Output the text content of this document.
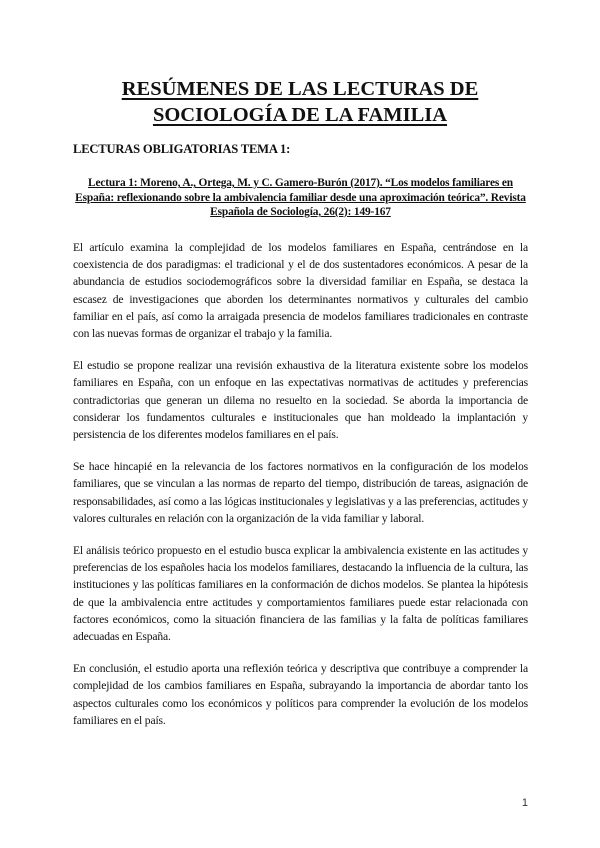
RESÚMENES DE LAS LECTURAS DE SOCIOLOGÍA DE LA FAMILIA
LECTURAS OBLIGATORIAS TEMA 1:

Lectura 1: Moreno, A., Ortega, M. y C. Gamero-Burón (2017). “Los modelos familiares en España: reflexionando sobre la ambivalencia familiar desde una aproximación teórica”. Revista Española de Sociología, 26(2): 149-167

El artículo examina la complejidad de los modelos familiares en España, centrándose en la coexistencia de dos paradigmas: el tradicional y el de dos sustentadores económicos. A pesar de la abundancia de estudios sociodemográficos sobre la diversidad familiar en España, se destaca la escasez de investigaciones que aborden los determinantes normativos y culturales del cambio familiar en el país, así como la arraigada presencia de modelos familiares tradicionales en contraste con las nuevas formas de organizar el trabajo y la familia.

El estudio se propone realizar una revisión exhaustiva de la literatura existente sobre los modelos familiares en España, con un enfoque en las expectativas normativas de actitudes y preferencias contradictorias que generan un dilema no resuelto en la sociedad. Se aborda la importancia de considerar los fundamentos culturales e institucionales que han moldeado la implantación y persistencia de los diferentes modelos familiares en el país.

Se hace hincapié en la relevancia de los factores normativos en la configuración de los modelos familiares, que se vinculan a las normas de reparto del tiempo, distribución de tareas, asignación de responsabilidades, así como a las lógicas institucionales y legislativas y a las preferencias, actitudes y valores culturales en relación con la organización de la vida familiar y laboral.

El análisis teórico propuesto en el estudio busca explicar la ambivalencia existente en las actitudes y preferencias de los españoles hacia los modelos familiares, destacando la influencia de la cultura, las instituciones y las políticas familiares en la conformación de dichos modelos. Se plantea la hipótesis de que la ambivalencia entre actitudes y comportamientos familiares puede estar relacionada con factores económicos, como la situación financiera de las familias y la falta de políticas familiares adecuadas en España.

En conclusión, el estudio aporta una reflexión teórica y descriptiva que contribuye a comprender la complejidad de los cambios familiares en España, subrayando la importancia de abordar tanto los aspectos culturales como los económicos y políticos para comprender la evolución de los modelos familiares en el país.

1
